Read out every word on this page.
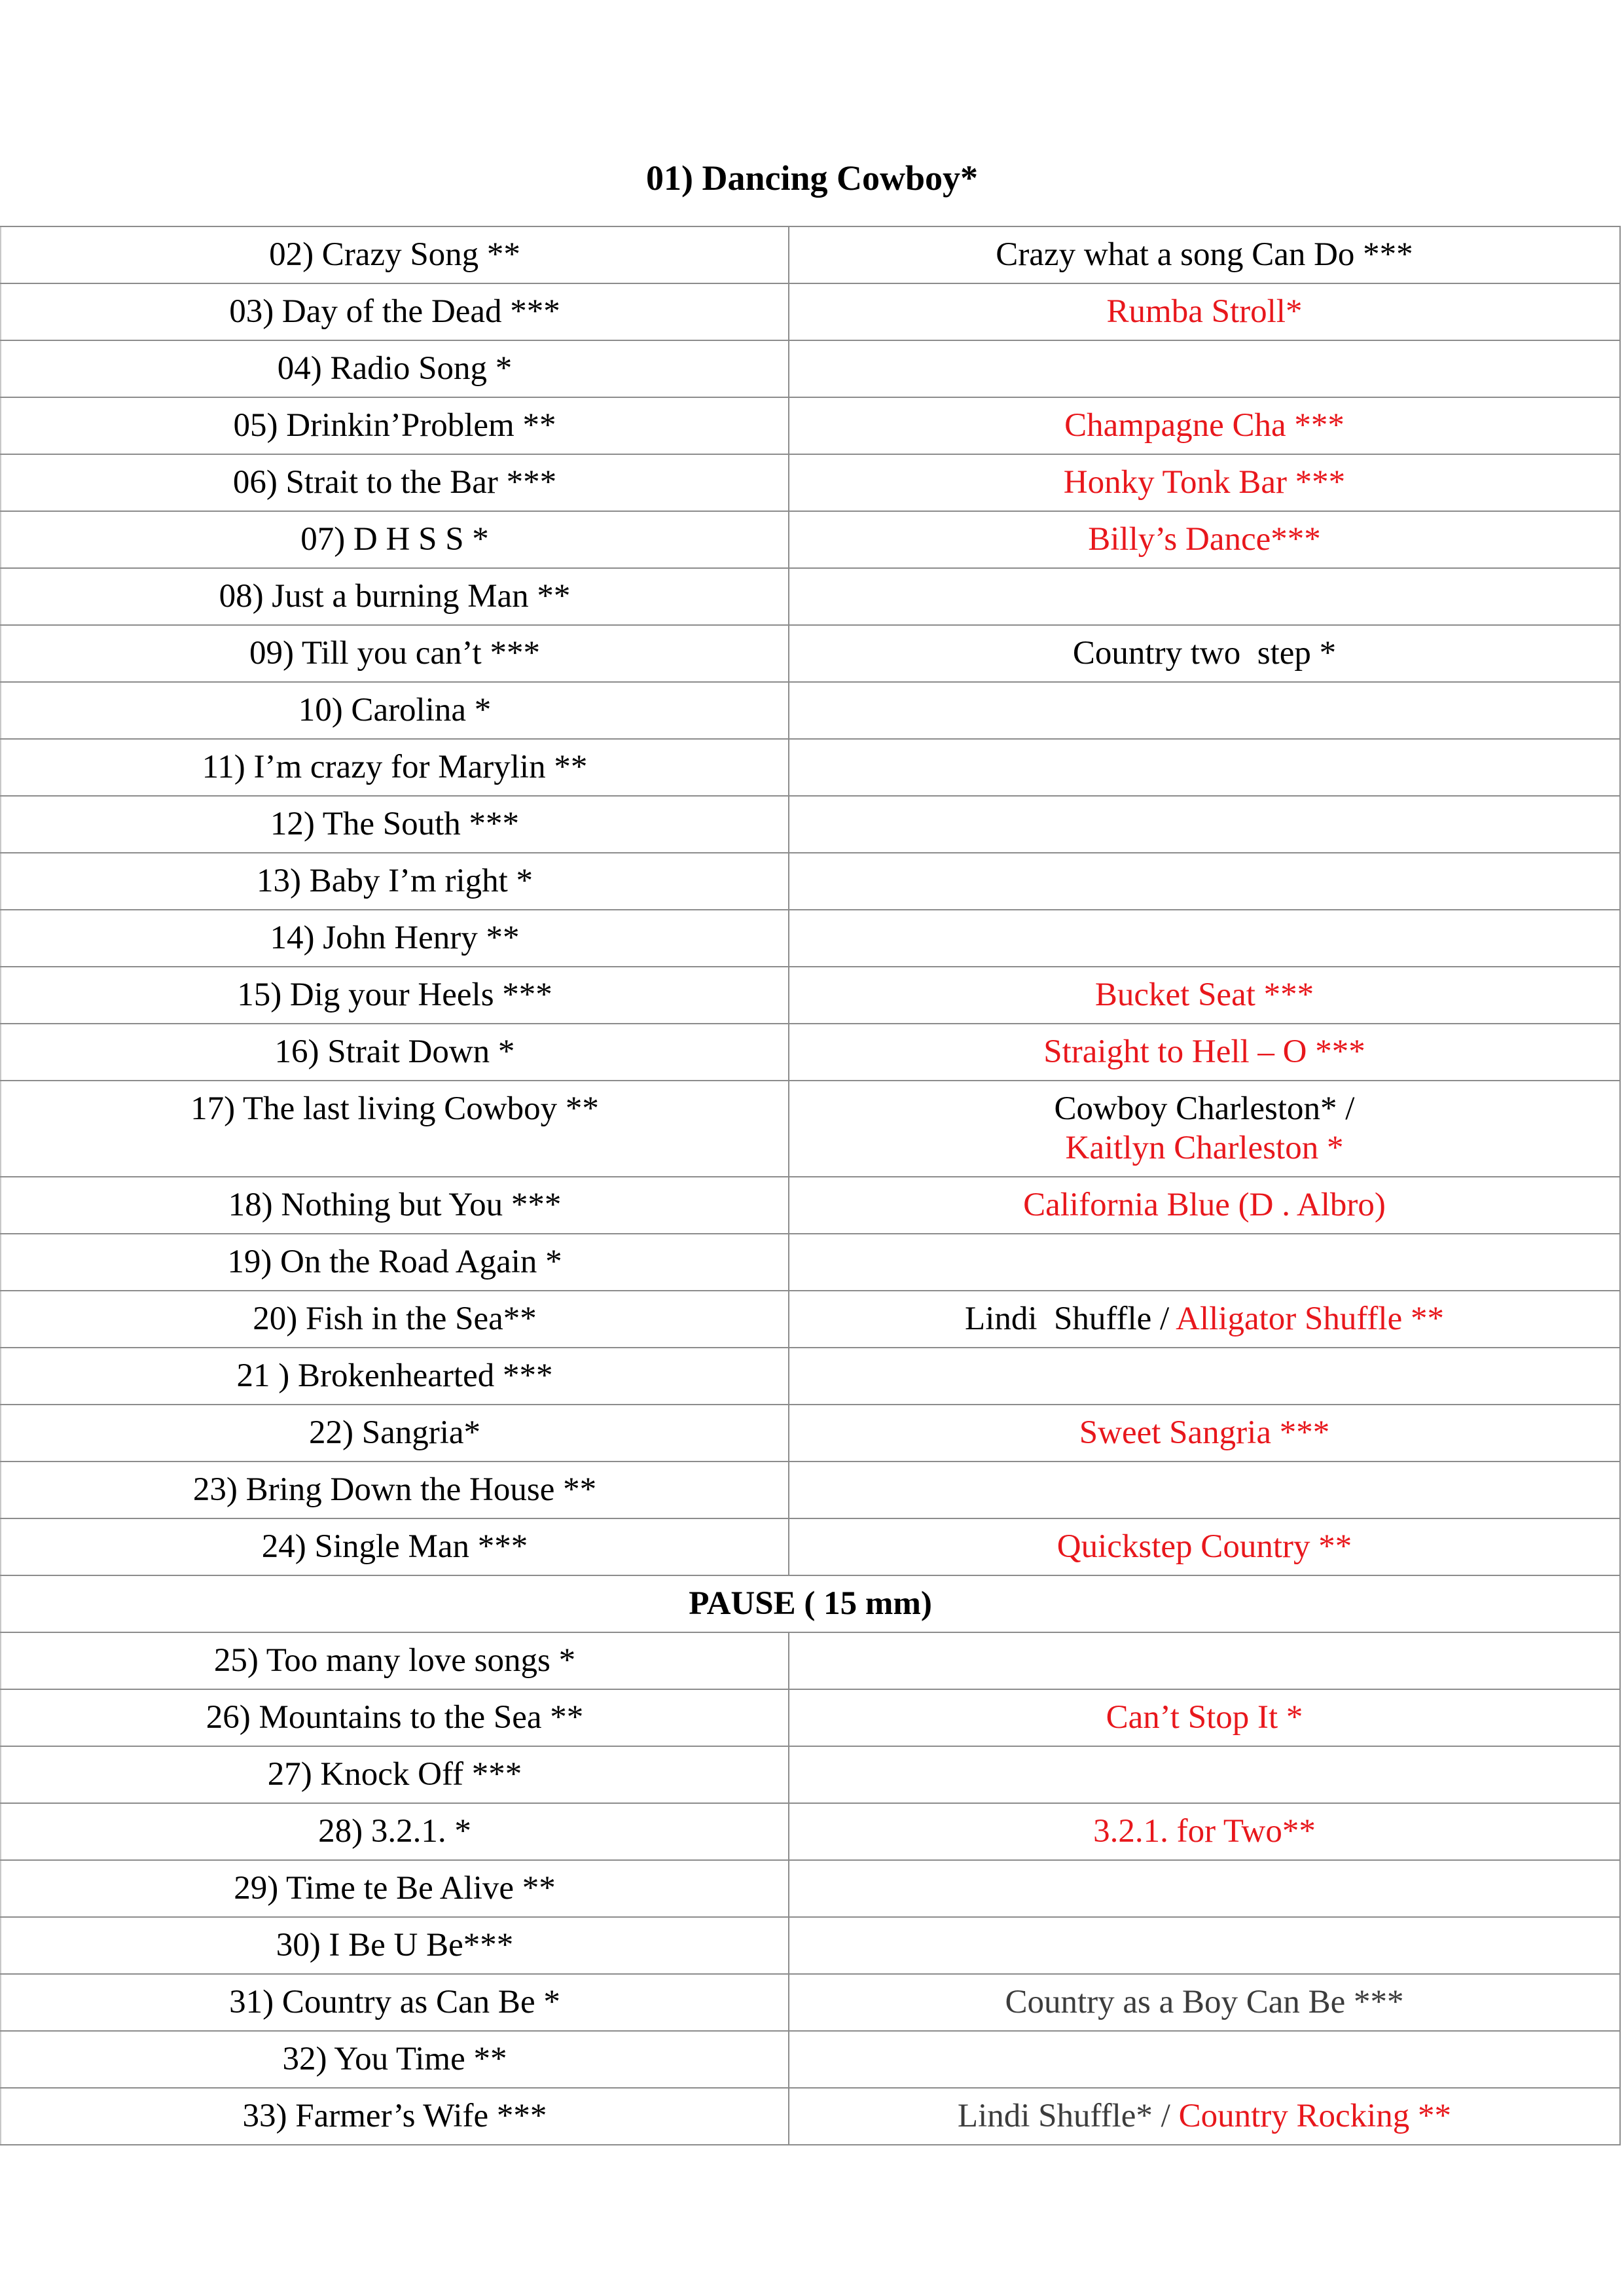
01) Dancing Cowboy*
02) Crazy Song **	Crazy what a song Can Do ***
03) Day of the Dead ***	Rumba Stroll*
04) Radio Song *	
05) Drinkin’Problem **	Champagne Cha ***
06) Strait to the Bar ***	Honky Tonk Bar ***
07) D H S S *	Billy’s Dance***
08) Just a burning Man **	
09) Till you can’t ***	Country two  step *
10) Carolina *	
11) I’m crazy for Marylin **	
12) The South ***	
13) Baby I’m right *	
14) John Henry **	
15) Dig your Heels ***	Bucket Seat ***
16) Strait Down *	Straight to Hell – O ***
17) The last living Cowboy **	Cowboy Charleston* /
Kaitlyn Charleston *
18) Nothing but You ***	California Blue (D . Albro)
19) On the Road Again *	
20) Fish in the Sea**	Lindi  Shuffle / Alligator Shuffle **
21 ) Brokenhearted ***	
22) Sangria*	Sweet Sangria ***
23) Bring Down the House **	
24) Single Man ***	Quickstep Country **
PAUSE ( 15 mm)	
25) Too many love songs *	
26) Mountains to the Sea **	Can’t Stop It *
27) Knock Off ***	
28) 3.2.1. *	3.2.1. for Two**
29) Time te Be Alive **	
30) I Be U Be***	
31) Country as Can Be *	Country as a Boy Can Be ***
32) You Time **	
33) Farmer’s Wife ***	Lindi Shuffle* / Country Rocking **
